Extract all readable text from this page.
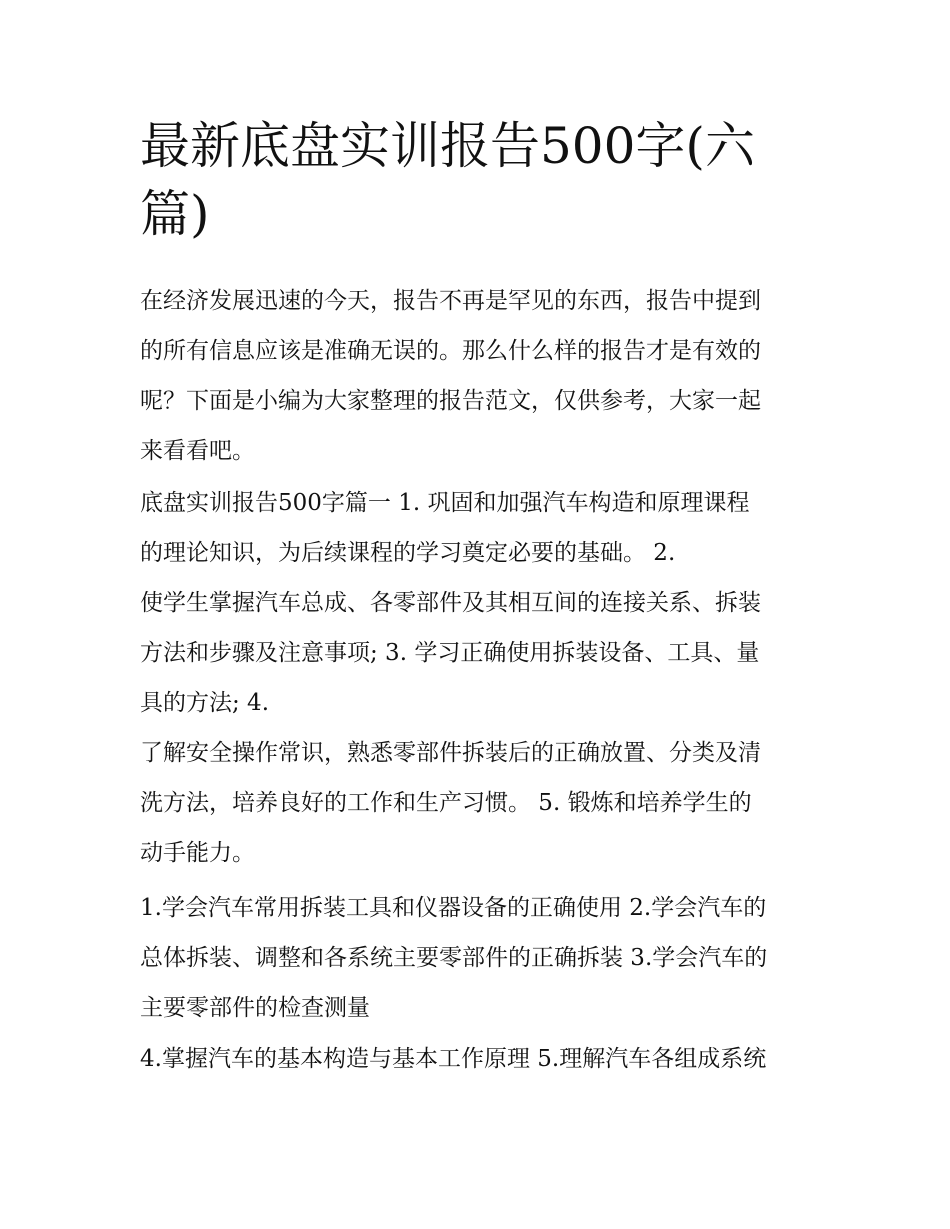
最新底盘实训报告500字(六
篇)
在经济发展迅速的今天，报告不再是罕见的东西，报告中提到
的所有信息应该是准确无误的。那么什么样的报告才是有效的
呢？下面是小编为大家整理的报告范文，仅供参考，大家一起
来看看吧。
底盘实训报告500字篇一 1. 巩固和加强汽车构造和原理课程
的理论知识，为后续课程的学习奠定必要的基础。 2.
使学生掌握汽车总成、各零部件及其相互间的连接关系、拆装
方法和步骤及注意事项; 3. 学习正确使用拆装设备、工具、量
具的方法; 4.
了解安全操作常识，熟悉零部件拆装后的正确放置、分类及清
洗方法，培养良好的工作和生产习惯。 5. 锻炼和培养学生的
动手能力。
1.学会汽车常用拆装工具和仪器设备的正确使用 2.学会汽车的
总体拆装、调整和各系统主要零部件的正确拆装 3.学会汽车的
主要零部件的检查测量
4.掌握汽车的基本构造与基本工作原理 5.理解汽车各组成系统
